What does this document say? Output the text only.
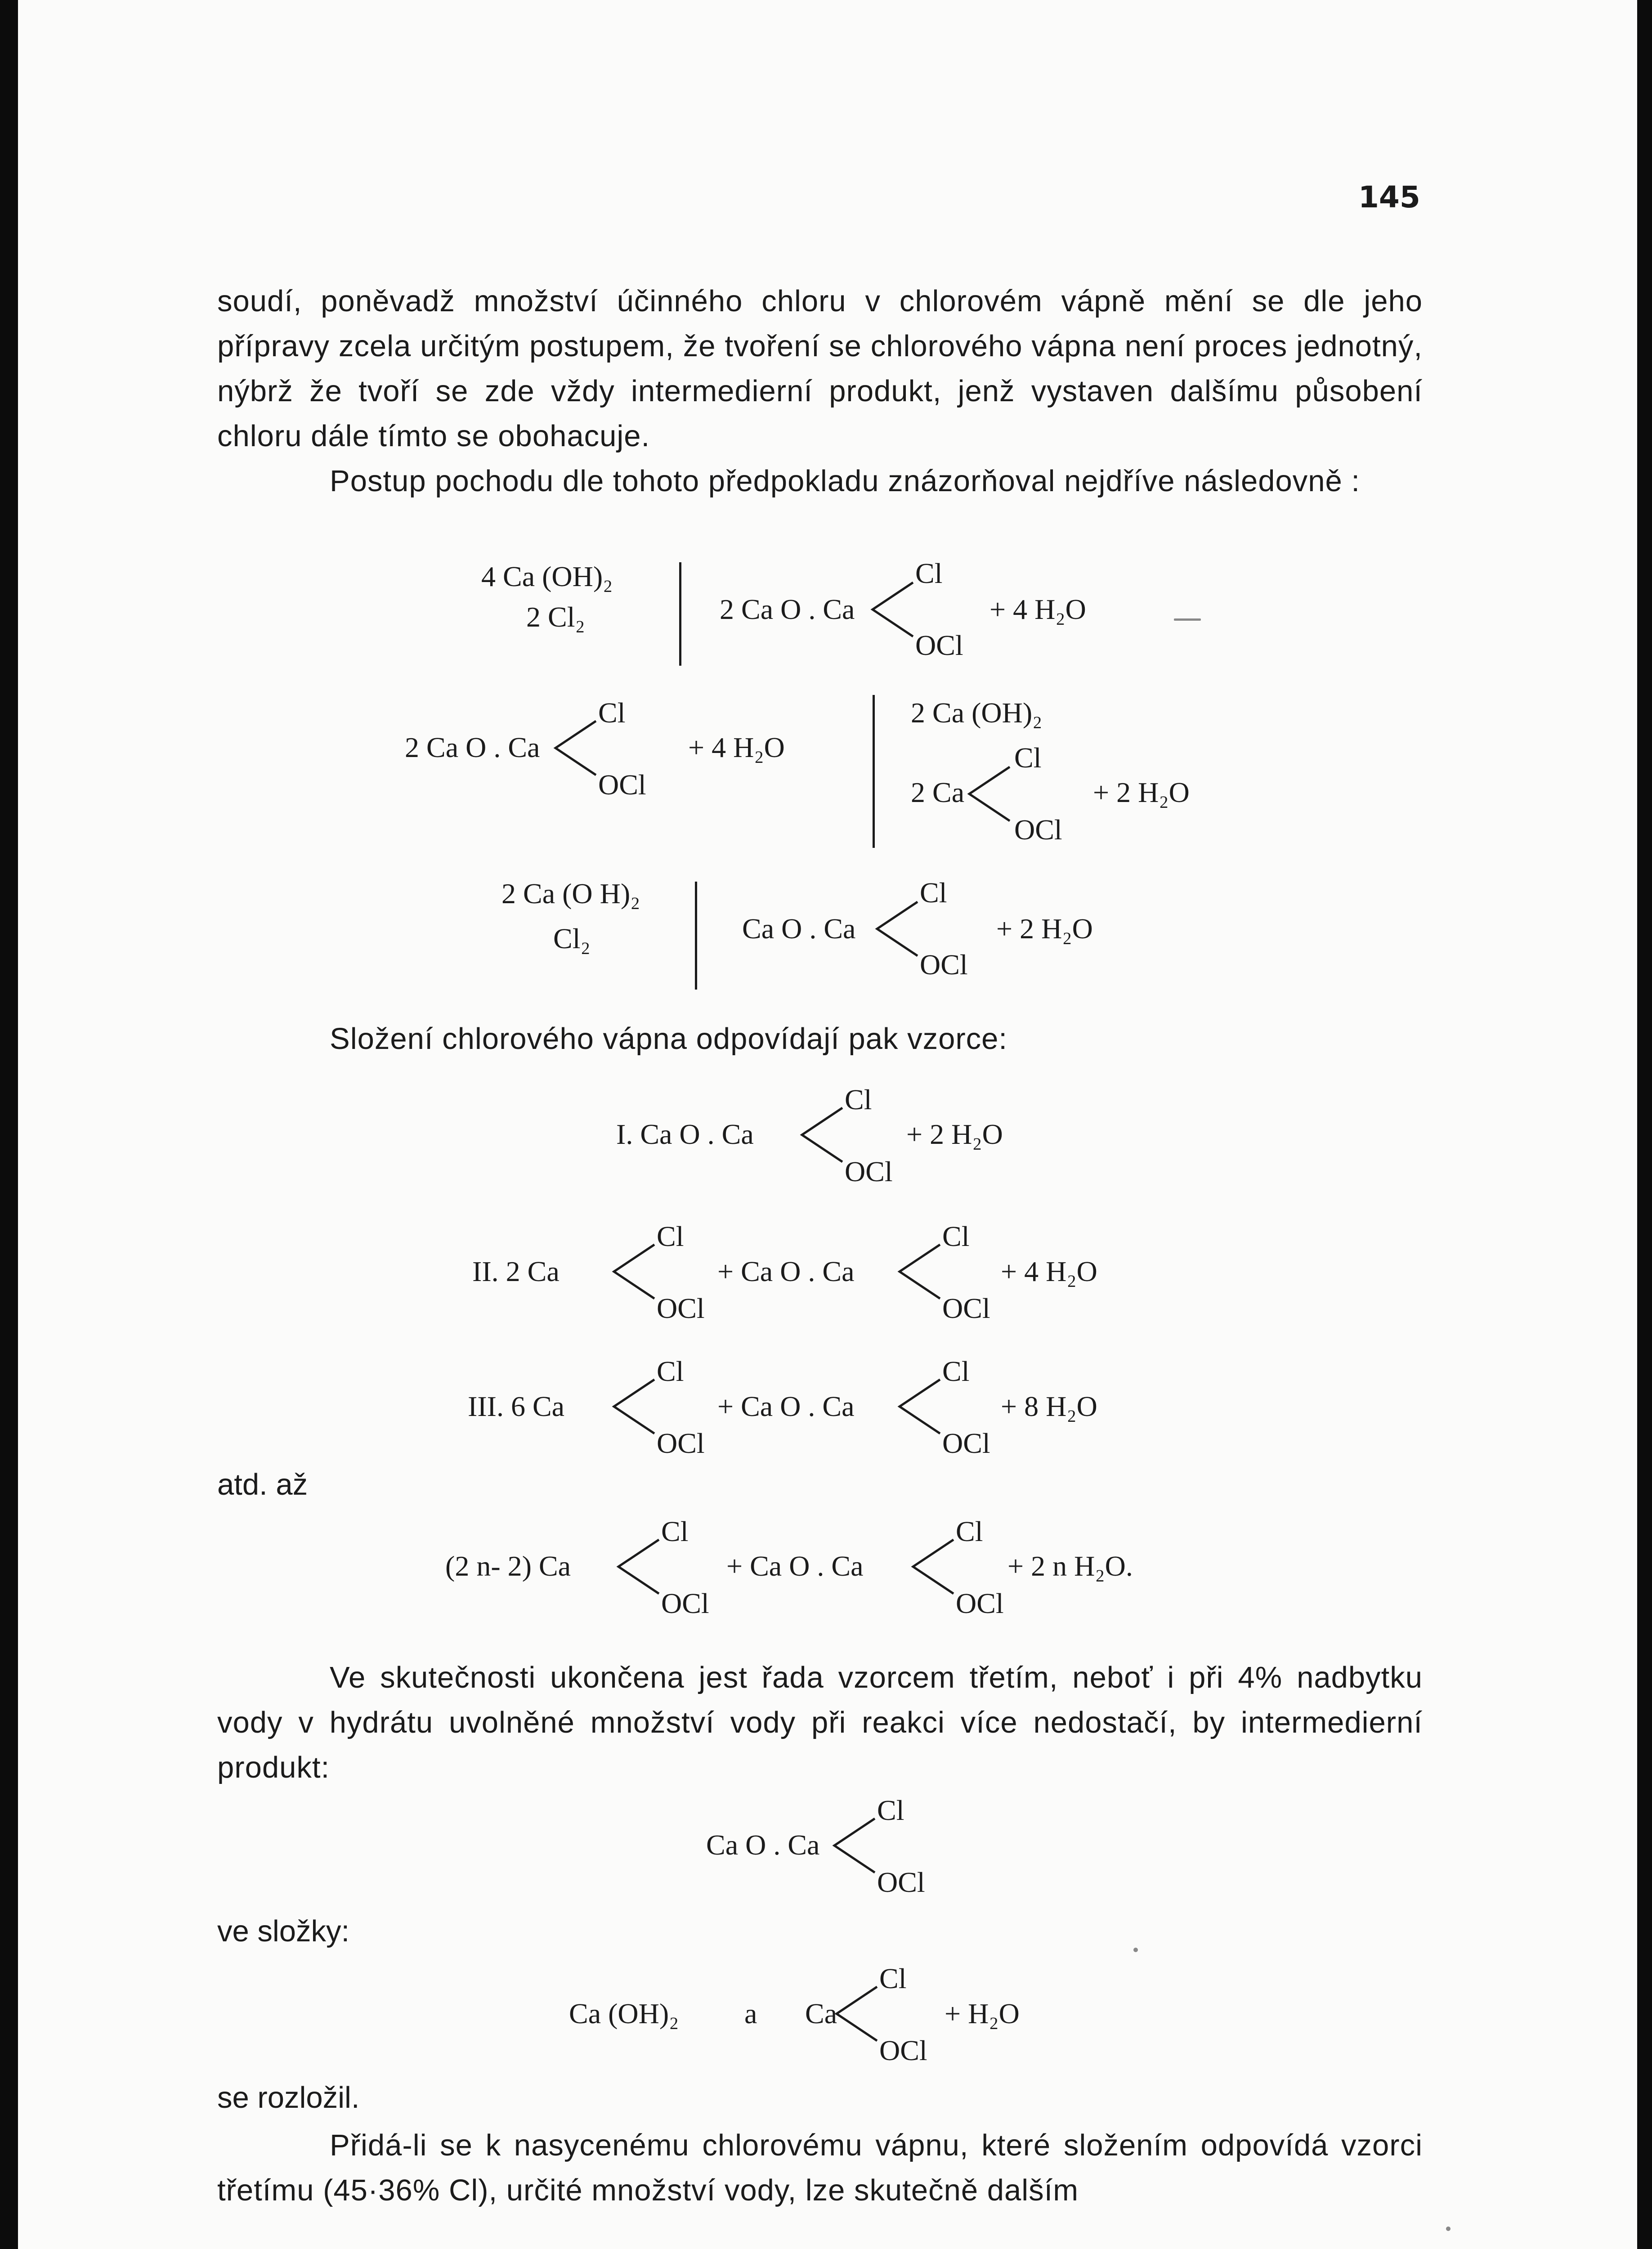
145

soudí, poněvadž množství účinného chloru v chlorovém vápně mění se dle jeho přípravy zcela určitým postupem, že tvoření se chlorového vápna není proces jednotný, nýbrž že tvoří se zde vždy intermedierní produkt, jenž vystaven dalšímu působení chloru dále tímto se obohacuje.

Postup pochodu dle tohoto předpokladu znázorňoval nejdříve následovně :

4 Ca (OH)₂
2 Cl₂	2 Ca O . Ca
Cl
OCl
+ 4 H₂O
2 Ca O . Ca
Cl
OCl
+ 4 H₂O
2 Ca (OH)₂
2 Ca
Cl
OCl
+ 2 H₂O
2 Ca (O H)₂
Cl₂	Ca O . Ca
Cl
OCl
+ 2 H₂O

Složení chlorového vápna odpovídají pak vzorce:

I. Ca O . Ca
Cl
OCl
+ 2 H₂O
II. 2 Ca
Cl
OCl
+ Ca O . Ca
Cl
OCl
+ 4 H₂O
III. 6 Ca
Cl
OCl
+ Ca O . Ca
Cl
OCl
+ 8 H₂O
atd. až
(2 n- 2) Ca
Cl
OCl
+ Ca O . Ca
Cl
OCl
+ 2 n H₂O.

Ve skutečnosti ukončena jest řada vzorcem třetím, neboť i při 4% nadbytku vody v hydrátu uvolněné množství vody při reakci více nedostačí, by intermedierní produkt:

Ca O . Ca
Cl
OCl
ve složky:
Ca (OH)₂ a Ca
Cl
OCl
+ H₂O
se rozložil.

Přidá-li se k nasycenému chlorovému vápnu, které složením odpovídá vzorci třetímu (45·36% Cl), určité množství vody, lze skutečně dalším
